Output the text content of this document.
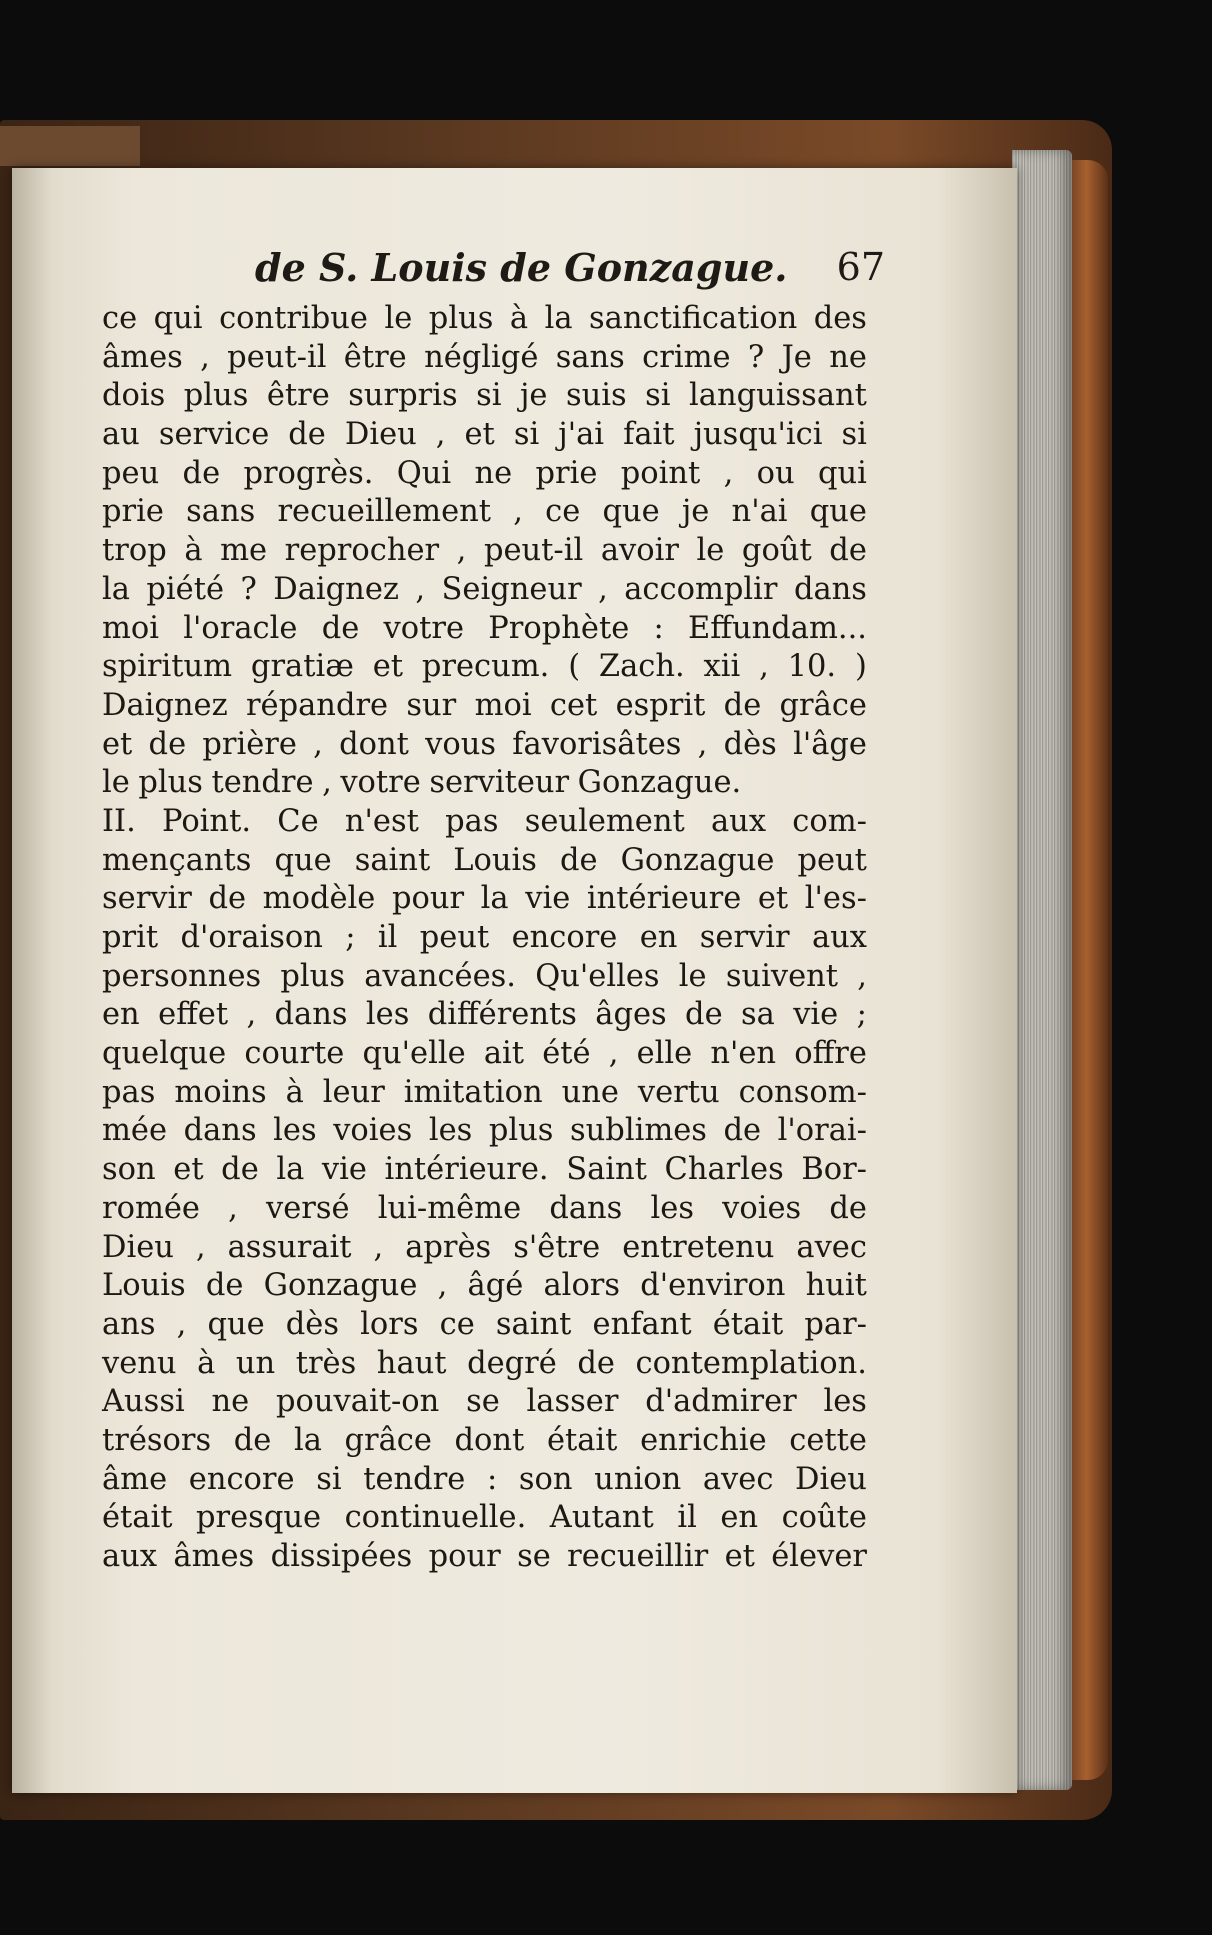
de S. Louis de Gonzague. 67
ce qui contribue le plus à la sanctification des
âmes , peut-il être négligé sans crime ? Je ne
dois plus être surpris si je suis si languissant
au service de Dieu , et si j'ai fait jusqu'ici si
peu de progrès. Qui ne prie point , ou qui
prie sans recueillement , ce que je n'ai que
trop à me reprocher , peut-il avoir le goût de
la piété ? Daignez , Seigneur , accomplir dans
moi l'oracle de votre Prophète : Effundam...
spiritum gratiæ et precum. ( Zach. xii , 10. )
Daignez répandre sur moi cet esprit de grâce
et de prière , dont vous favorisâtes , dès l'âge
le plus tendre , votre serviteur Gonzague.
II. Point. Ce n'est pas seulement aux com-
mençants que saint Louis de Gonzague peut
servir de modèle pour la vie intérieure et l'es-
prit d'oraison ; il peut encore en servir aux
personnes plus avancées. Qu'elles le suivent ,
en effet , dans les différents âges de sa vie ;
quelque courte qu'elle ait été , elle n'en offre
pas moins à leur imitation une vertu consom-
mée dans les voies les plus sublimes de l'orai-
son et de la vie intérieure. Saint Charles Bor-
romée , versé lui-même dans les voies de
Dieu , assurait , après s'être entretenu avec
Louis de Gonzague , âgé alors d'environ huit
ans , que dès lors ce saint enfant était par-
venu à un très haut degré de contemplation.
Aussi ne pouvait-on se lasser d'admirer les
trésors de la grâce dont était enrichie cette
âme encore si tendre : son union avec Dieu
était presque continuelle. Autant il en coûte
aux âmes dissipées pour se recueillir et élever
